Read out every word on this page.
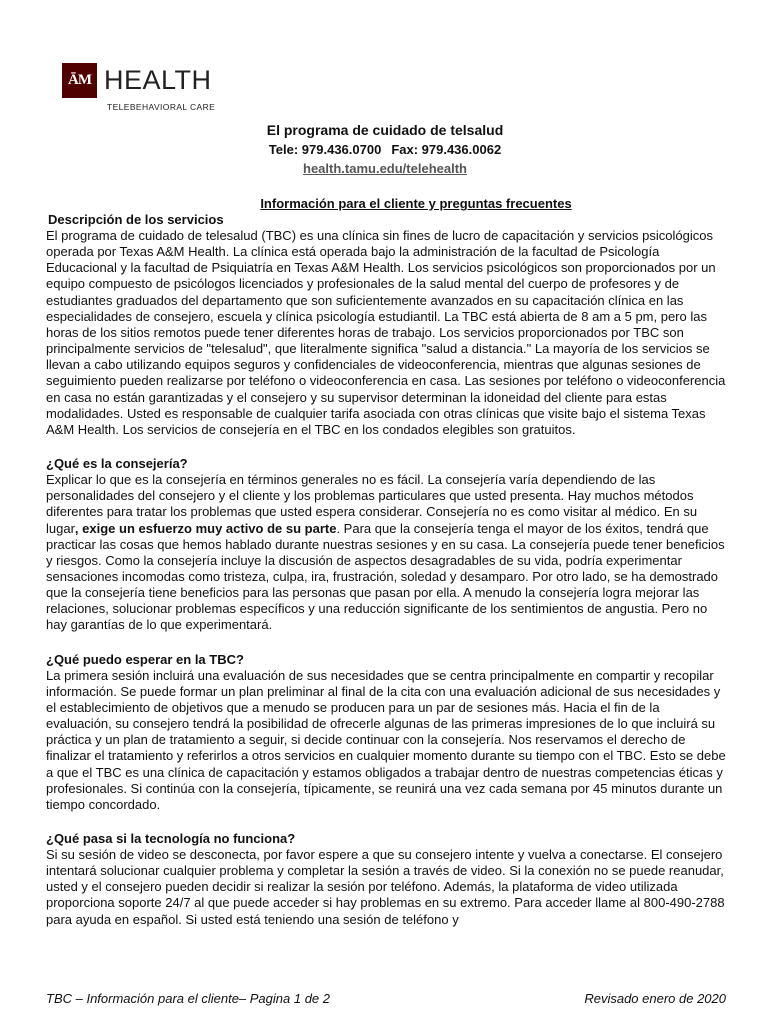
ĀM HEALTH
TELEBEHAVIORAL CARE
El programa de cuidado de telsalud
Tele: 979.436.0700 Fax: 979.436.0062
health.tamu.edu/telehealth
Información para el cliente y preguntas frecuentes
Descripción de los servicios

El programa de cuidado de telesalud (TBC) es una clínica sin fines de lucro de capacitación y servicios psicológicos operada por Texas A&M Health. La clínica está operada bajo la administración de la facultad de Psicología Educacional y la facultad de Psiquiatría en Texas A&M Health. Los servicios psicológicos son proporcionados por un equipo compuesto de psicólogos licenciados y profesionales de la salud mental del cuerpo de profesores y de estudiantes graduados del departamento que son suficientemente avanzados en su capacitación clínica en las especialidades de consejero, escuela y clínica psicología estudiantil. La TBC está abierta de 8 am a 5 pm, pero las horas de los sitios remotos puede tener diferentes horas de trabajo. Los servicios proporcionados por TBC son principalmente servicios de "telesalud", que literalmente significa "salud a distancia." La mayoría de los servicios se llevan a cabo utilizando equipos seguros y confidenciales de videoconferencia, mientras que algunas sesiones de seguimiento pueden realizarse por teléfono o videoconferencia en casa. Las sesiones por teléfono o videoconferencia en casa no están garantizadas y el consejero y su supervisor determinan la idoneidad del cliente para estas modalidades. Usted es responsable de cualquier tarifa asociada con otras clínicas que visite bajo el sistema Texas A&M Health. Los servicios de consejería en el TBC en los condados elegibles son gratuitos.

¿Qué es la consejería?

Explicar lo que es la consejería en términos generales no es fácil. La consejería varía dependiendo de las personalidades del consejero y el cliente y los problemas particulares que usted presenta. Hay muchos métodos diferentes para tratar los problemas que usted espera considerar. Consejería no es como visitar al médico. En su lugar, exige un esfuerzo muy activo de su parte. Para que la consejería tenga el mayor de los éxitos, tendrá que practicar las cosas que hemos hablado durante nuestras sesiones y en su casa. La consejería puede tener beneficios y riesgos. Como la consejería incluye la discusión de aspectos desagradables de su vida, podría experimentar sensaciones incomodas como tristeza, culpa, ira, frustración, soledad y desamparo. Por otro lado, se ha demostrado que la consejería tiene beneficios para las personas que pasan por ella. A menudo la consejería logra mejorar las relaciones, solucionar problemas específicos y una reducción significante de los sentimientos de angustia. Pero no hay garantías de lo que experimentará.

¿Qué puedo esperar en la TBC?

La primera sesión incluirá una evaluación de sus necesidades que se centra principalmente en compartir y recopilar información. Se puede formar un plan preliminar al final de la cita con una evaluación adicional de sus necesidades y el establecimiento de objetivos que a menudo se producen para un par de sesiones más. Hacia el fin de la evaluación, su consejero tendrá la posibilidad de ofrecerle algunas de las primeras impresiones de lo que incluirá su práctica y un plan de tratamiento a seguir, si decide continuar con la consejería. Nos reservamos el derecho de finalizar el tratamiento y referirlos a otros servicios en cualquier momento durante su tiempo con el TBC. Esto se debe a que el TBC es una clínica de capacitación y estamos obligados a trabajar dentro de nuestras competencias éticas y profesionales. Si continúa con la consejería, típicamente, se reunirá una vez cada semana por 45 minutos durante un tiempo concordado.

¿Qué pasa si la tecnología no funciona?

Si su sesión de video se desconecta, por favor espere a que su consejero intente y vuelva a conectarse. El consejero intentará solucionar cualquier problema y completar la sesión a través de video. Si la conexión no se puede reanudar, usted y el consejero pueden decidir si realizar la sesión por teléfono. Además, la plataforma de video utilizada proporciona soporte 24/7 al que puede acceder si hay problemas en su extremo. Para acceder llame al 800-490-2788 para ayuda en español. Si usted está teniendo una sesión de teléfono y

TBC – Información para el cliente– Pagina 1 de 2	Revisado enero de 2020
